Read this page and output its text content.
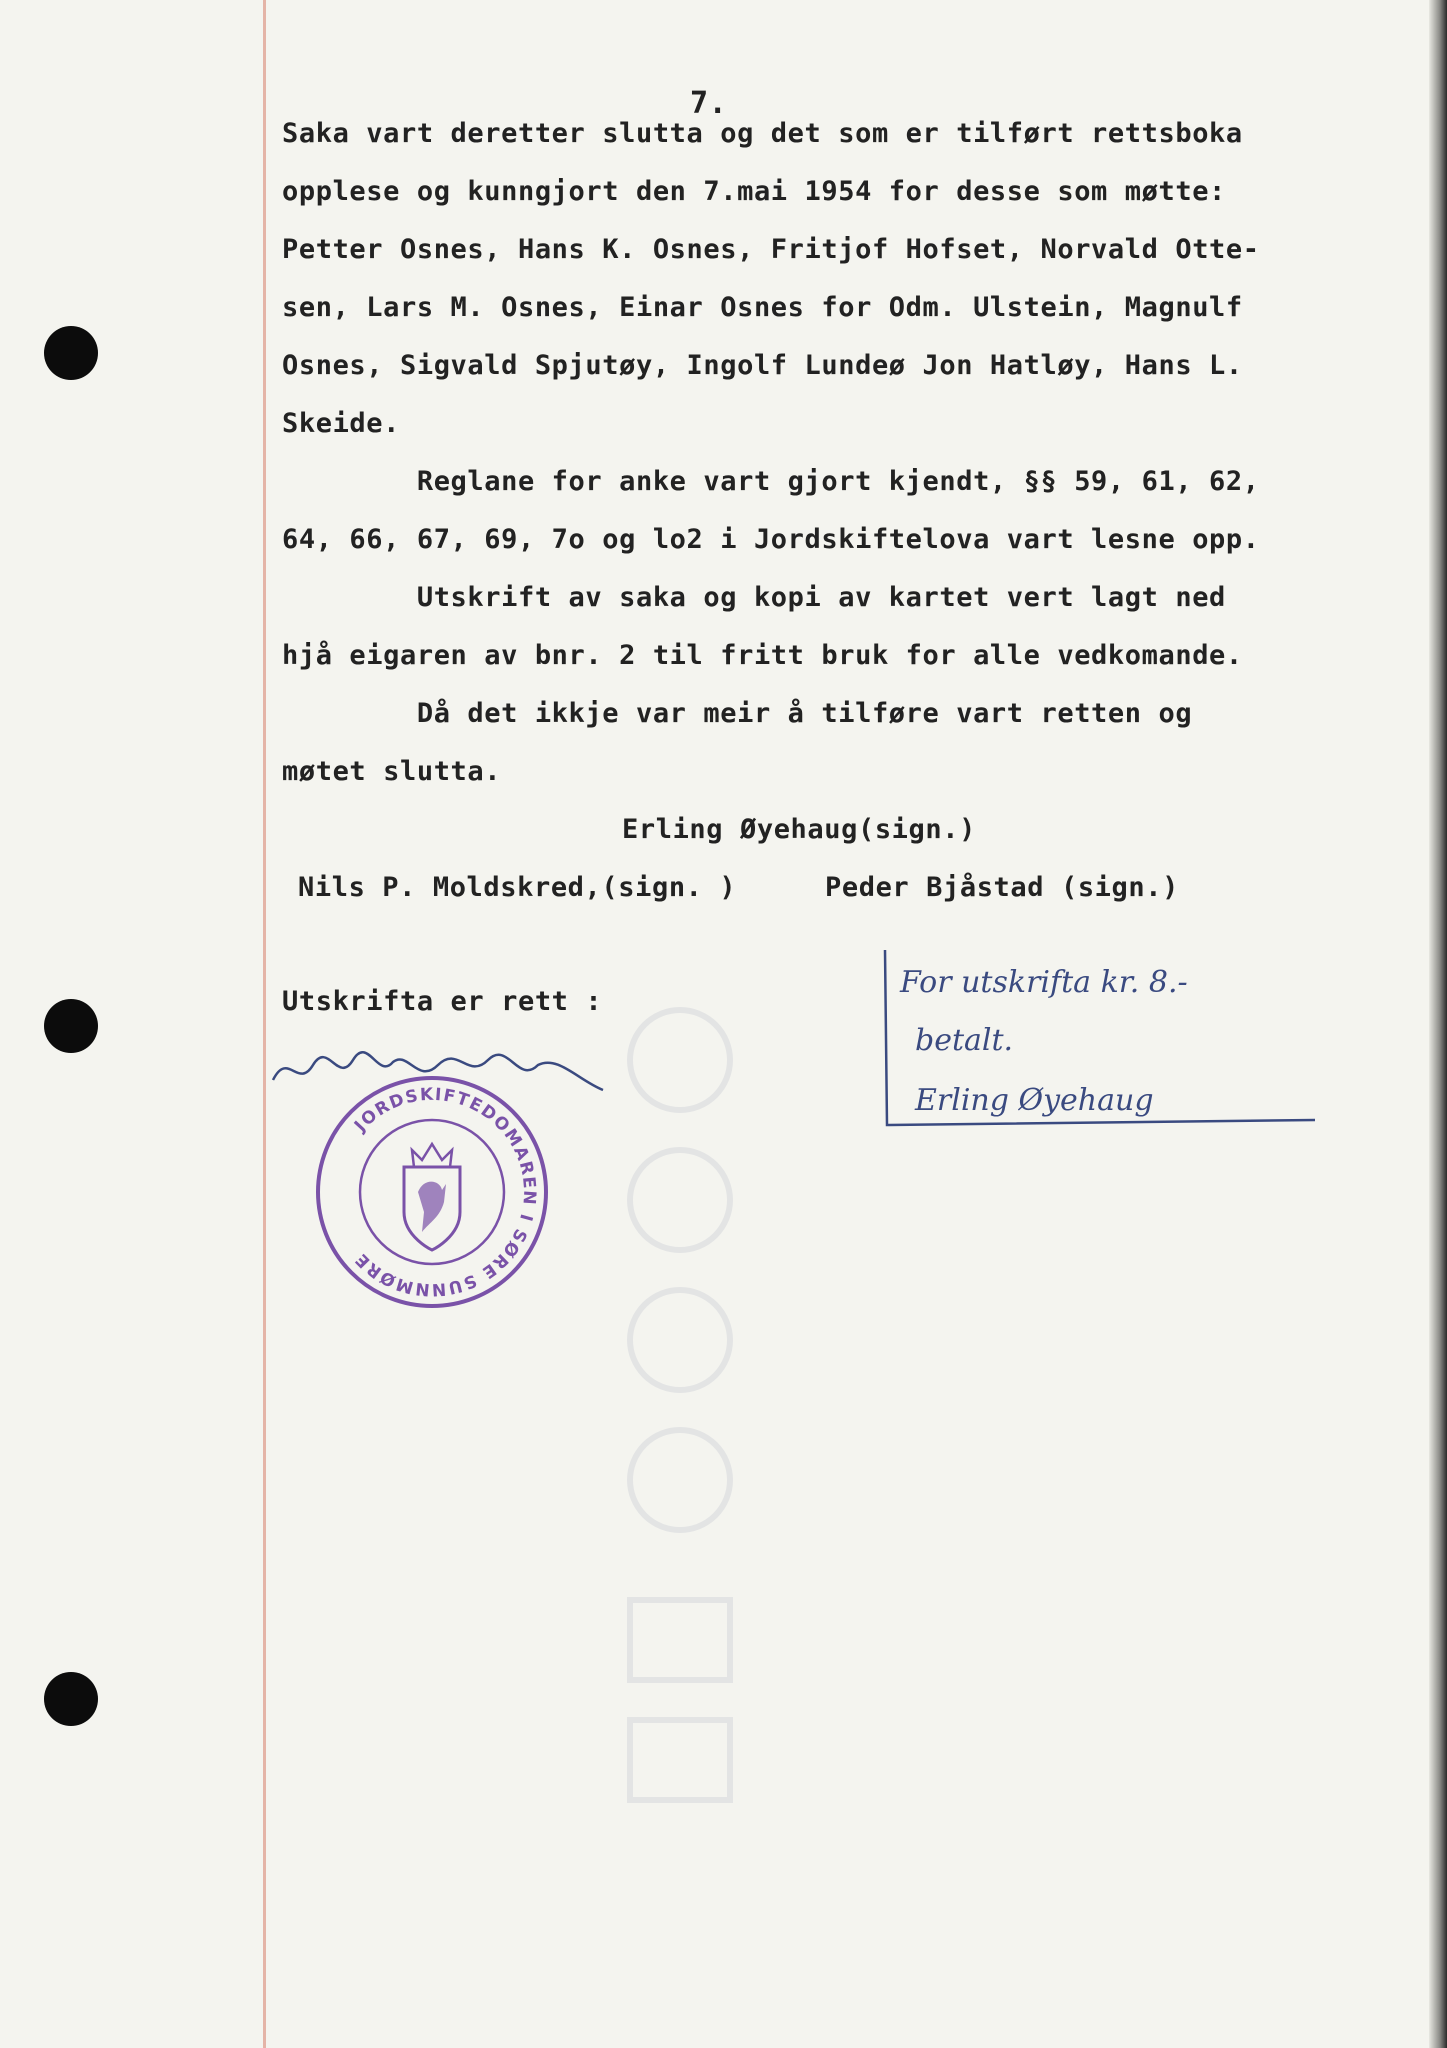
7.
Saka vart deretter slutta og det som er tilført rettsboka
opplese og kunngjort den 7.mai 1954 for desse som møtte:
Petter Osnes, Hans K. Osnes, Fritjof Hofset, Norvald Otte-
sen, Lars M. Osnes, Einar Osnes for Odm. Ulstein, Magnulf
Osnes, Sigvald Spjutøy, Ingolf Lundeø Jon Hatløy, Hans L.
Skeide.
Reglane for anke vart gjort kjendt, §§ 59, 61, 62,
64, 66, 67, 69, 7o og lo2 i Jordskiftelova vart lesne opp.
Utskrift av saka og kopi av kartet vert lagt ned
hjå eigaren av bnr. 2 til fritt bruk for alle vedkomande.
Då det ikkje var meir å tilføre vart retten og
møtet slutta.
Erling Øyehaug(sign.)
Nils P. Moldskred,(sign. )	Peder Bjåstad (sign.)
Utskrifta er rett :
For utskrifta kr. 8.-
betalt.
Erling Øyehaug
JORDSKIFTEDOMAREN I SØRE SUNNMØRE
